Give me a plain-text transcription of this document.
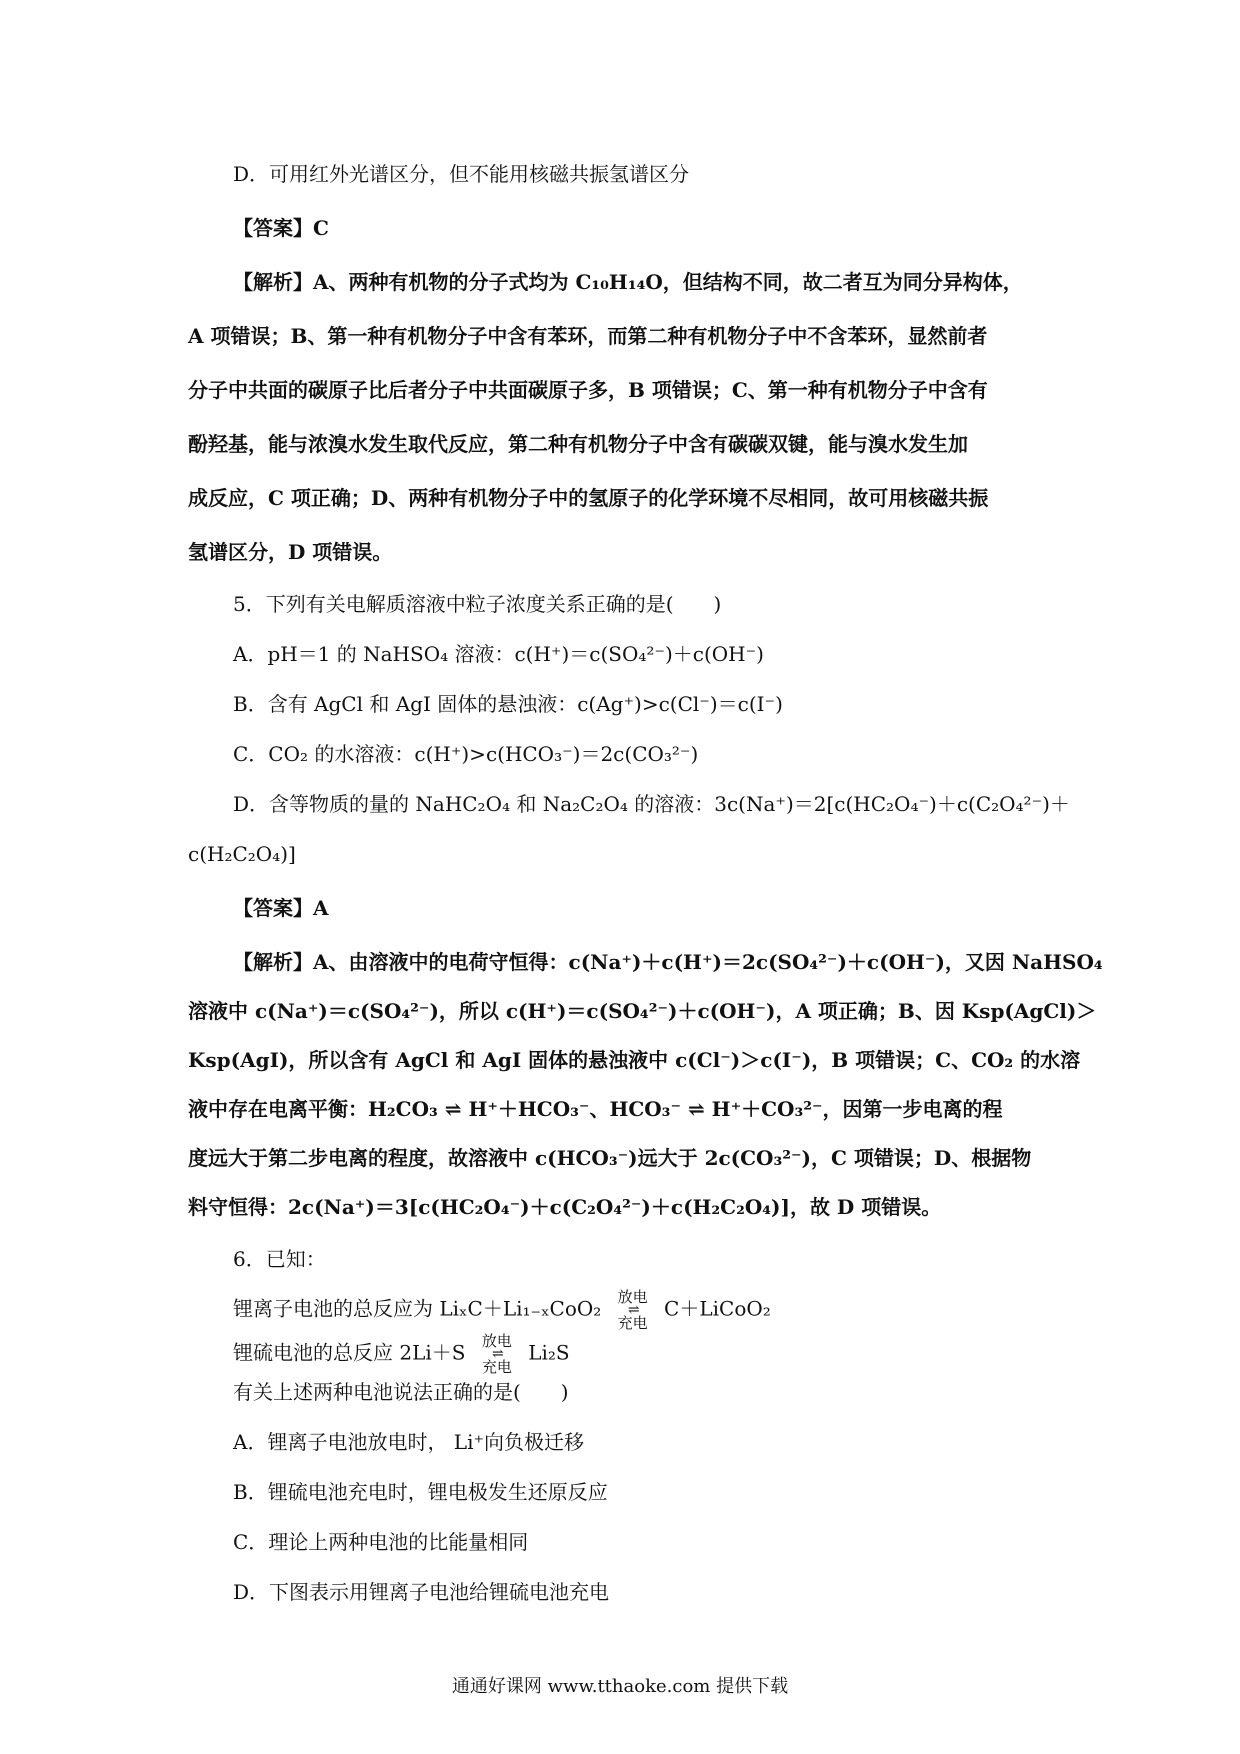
D．可用红外光谱区分，但不能用核磁共振氢谱区分
【答案】C
【解析】A、两种有机物的分子式均为 C₁₀H₁₄O，但结构不同，故二者互为同分异构体，
A 项错误；B、第一种有机物分子中含有苯环，而第二种有机物分子中不含苯环，显然前者
分子中共面的碳原子比后者分子中共面碳原子多，B 项错误；C、第一种有机物分子中含有
酚羟基，能与浓溴水发生取代反应，第二种有机物分子中含有碳碳双键，能与溴水发生加
成反应，C 项正确；D、两种有机物分子中的氢原子的化学环境不尽相同，故可用核磁共振
氢谱区分，D 项错误。
5．下列有关电解质溶液中粒子浓度关系正确的是(　　)
A．pH＝1 的 NaHSO₄ 溶液：c(H⁺)＝c(SO₄²⁻)＋c(OH⁻)
B．含有 AgCl 和 AgI 固体的悬浊液：c(Ag⁺)>c(Cl⁻)＝c(I⁻)
C．CO₂ 的水溶液：c(H⁺)>c(HCO₃⁻)＝2c(CO₃²⁻)
D．含等物质的量的 NaHC₂O₄ 和 Na₂C₂O₄ 的溶液：3c(Na⁺)＝2[c(HC₂O₄⁻)＋c(C₂O₄²⁻)＋
c(H₂C₂O₄)]
【答案】A
【解析】A、由溶液中的电荷守恒得：c(Na⁺)＋c(H⁺)＝2c(SO₄²⁻)＋c(OH⁻)，又因 NaHSO₄
溶液中 c(Na⁺)＝c(SO₄²⁻)，所以 c(H⁺)＝c(SO₄²⁻)＋c(OH⁻)，A 项正确；B、因 Ksp(AgCl)＞
Ksp(AgI)，所以含有 AgCl 和 AgI 固体的悬浊液中 c(Cl⁻)＞c(I⁻)，B 项错误；C、CO₂ 的水溶
液中存在电离平衡：H₂CO₃ ⇌ H⁺＋HCO₃⁻、HCO₃⁻ ⇌ H⁺＋CO₃²⁻，因第一步电离的程
度远大于第二步电离的程度，故溶液中 c(HCO₃⁻)远大于 2c(CO₃²⁻)，C 项错误；D、根据物
料守恒得：2c(Na⁺)＝3[c(HC₂O₄⁻)＋c(C₂O₄²⁻)＋c(H₂C₂O₄)]，故 D 项错误。
6．已知：
锂离子电池的总反应为 LiₓC＋Li₁₋ₓCoO₂ 放电
⇌
充电 C＋LiCoO₂
锂硫电池的总反应 2Li＋S 放电
⇌
充电 Li₂S
有关上述两种电池说法正确的是(　　)
A．锂离子电池放电时， Li⁺向负极迁移
B．锂硫电池充电时，锂电极发生还原反应
C．理论上两种电池的比能量相同
D．下图表示用锂离子电池给锂硫电池充电
通通好课网 www.tthaoke.com 提供下载
